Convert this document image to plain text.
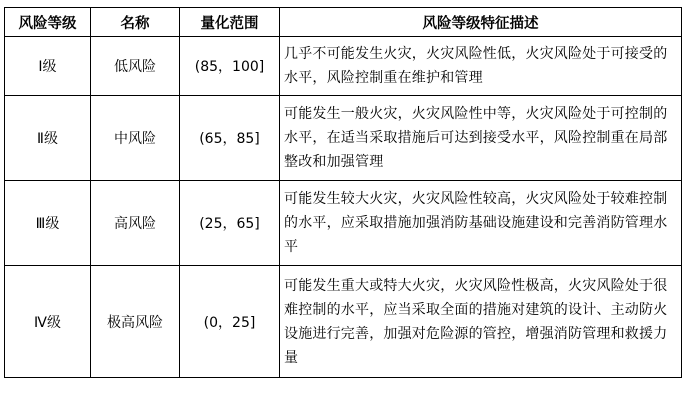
风险等级	名称	量化范围	风险等级特征描述
Ⅰ级	低风险	(85，100]	几乎不可能发生火灾，火灾风险性低，火灾风险处于可接受的水平，风险控制重在维护和管理
Ⅱ级	中风险	(65，85]	可能发生一般火灾，火灾风险性中等，火灾风险处于可控制的水平，在适当采取措施后可达到接受水平，风险控制重在局部整改和加强管理
Ⅲ级	高风险	(25，65]	可能发生较大火灾，火灾风险性较高，火灾风险处于较难控制的水平，应采取措施加强消防基础设施建设和完善消防管理水平
Ⅳ级	极高风险	(0，25]	可能发生重大或特大火灾，火灾风险性极高，火灾风险处于很难控制的水平，应当采取全面的措施对建筑的设计、主动防火设施进行完善，加强对危险源的管控，增强消防管理和救援力量
